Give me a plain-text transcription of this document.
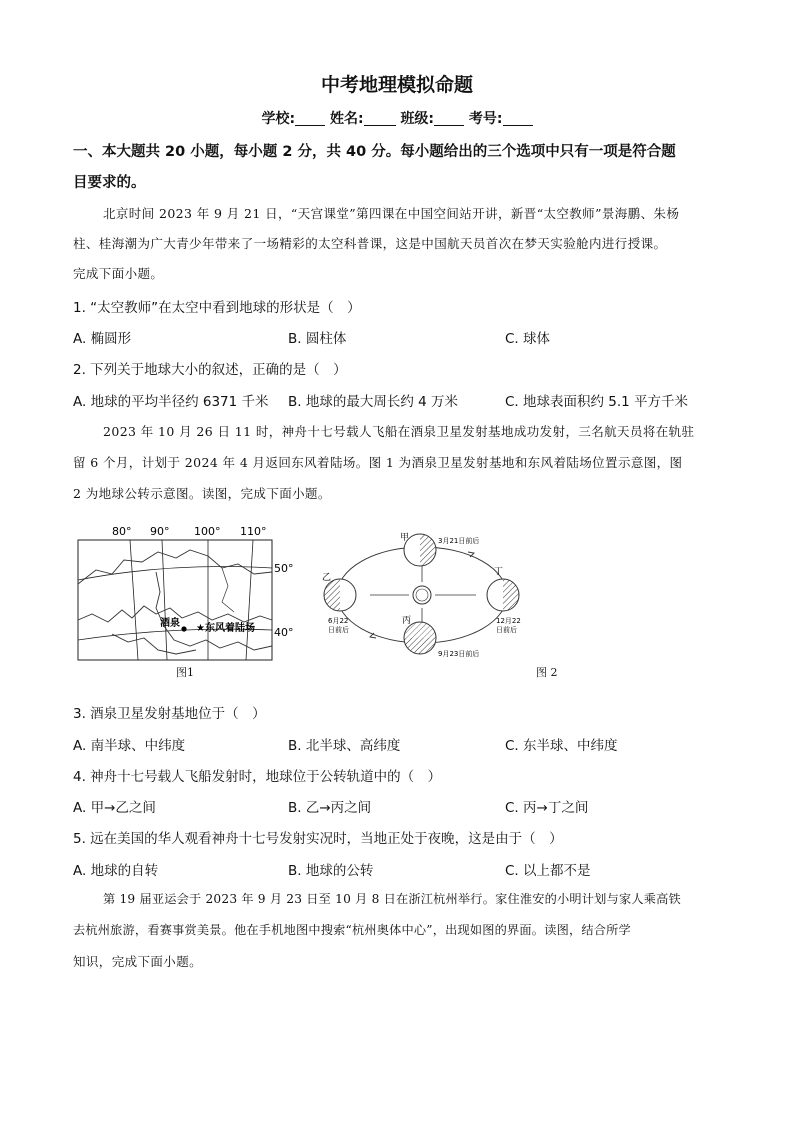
中考地理模拟命题
学校: 姓名:	班级: 考号:
一、本大题共 20 小题，每小题 2 分，共 40 分。每小题给出的三个选项中只有一项是符合题
目要求的。
北京时间 2023 年 9 月 21 日，“天宫课堂”第四课在中国空间站开讲，新晋“太空教师”景海鹏、朱杨
柱、桂海潮为广大青少年带来了一场精彩的太空科普课，这是中国航天员首次在梦天实验舱内进行授课。
完成下面小题。
1. “太空教师”在太空中看到地球的形状是（　）
A. 椭圆形	B. 圆柱体	C. 球体
2. 下列关于地球大小的叙述，正确的是（　）
A. 地球的平均半径约 6371 千米 B. 地球的最大周长约 4 万米	C. 地球表面积约 5.1 平方千米
2023 年 10 月 26 日 11 时，神舟十七号载人飞船在酒泉卫星发射基地成功发射，三名航天员将在轨驻
留 6 个月，计划于 2024 年 4 月返回东风着陆场。图 1 为酒泉卫星发射基地和东风着陆场位置示意图，图
2 为地球公转示意图。读图，完成下面小题。
80° 90° 100° 110°
50°
40°
酒泉 ★东风着陆场
图1
甲	3月21日前后
乙
6月22
日前后
丙
9月23日前后
丁
12月22
日前后
图 2
3. 酒泉卫星发射基地位于（　）
A. 南半球、中纬度	B. 北半球、高纬度	C. 东半球、中纬度
4. 神舟十七号载人飞船发射时，地球位于公转轨道中的（　）
A. 甲→乙之间	B. 乙→丙之间	C. 丙→丁之间
5. 远在美国的华人观看神舟十七号发射实况时，当地正处于夜晚，这是由于（　）
A. 地球的自转	B. 地球的公转	C. 以上都不是
第 19 届亚运会于 2023 年 9 月 23 日至 10 月 8 日在浙江杭州举行。家住淮安的小明计划与家人乘高铁
去杭州旅游，看赛事赏美景。他在手机地图中搜索“杭州奥体中心”，出现如图的界面。读图，结合所学
知识，完成下面小题。
